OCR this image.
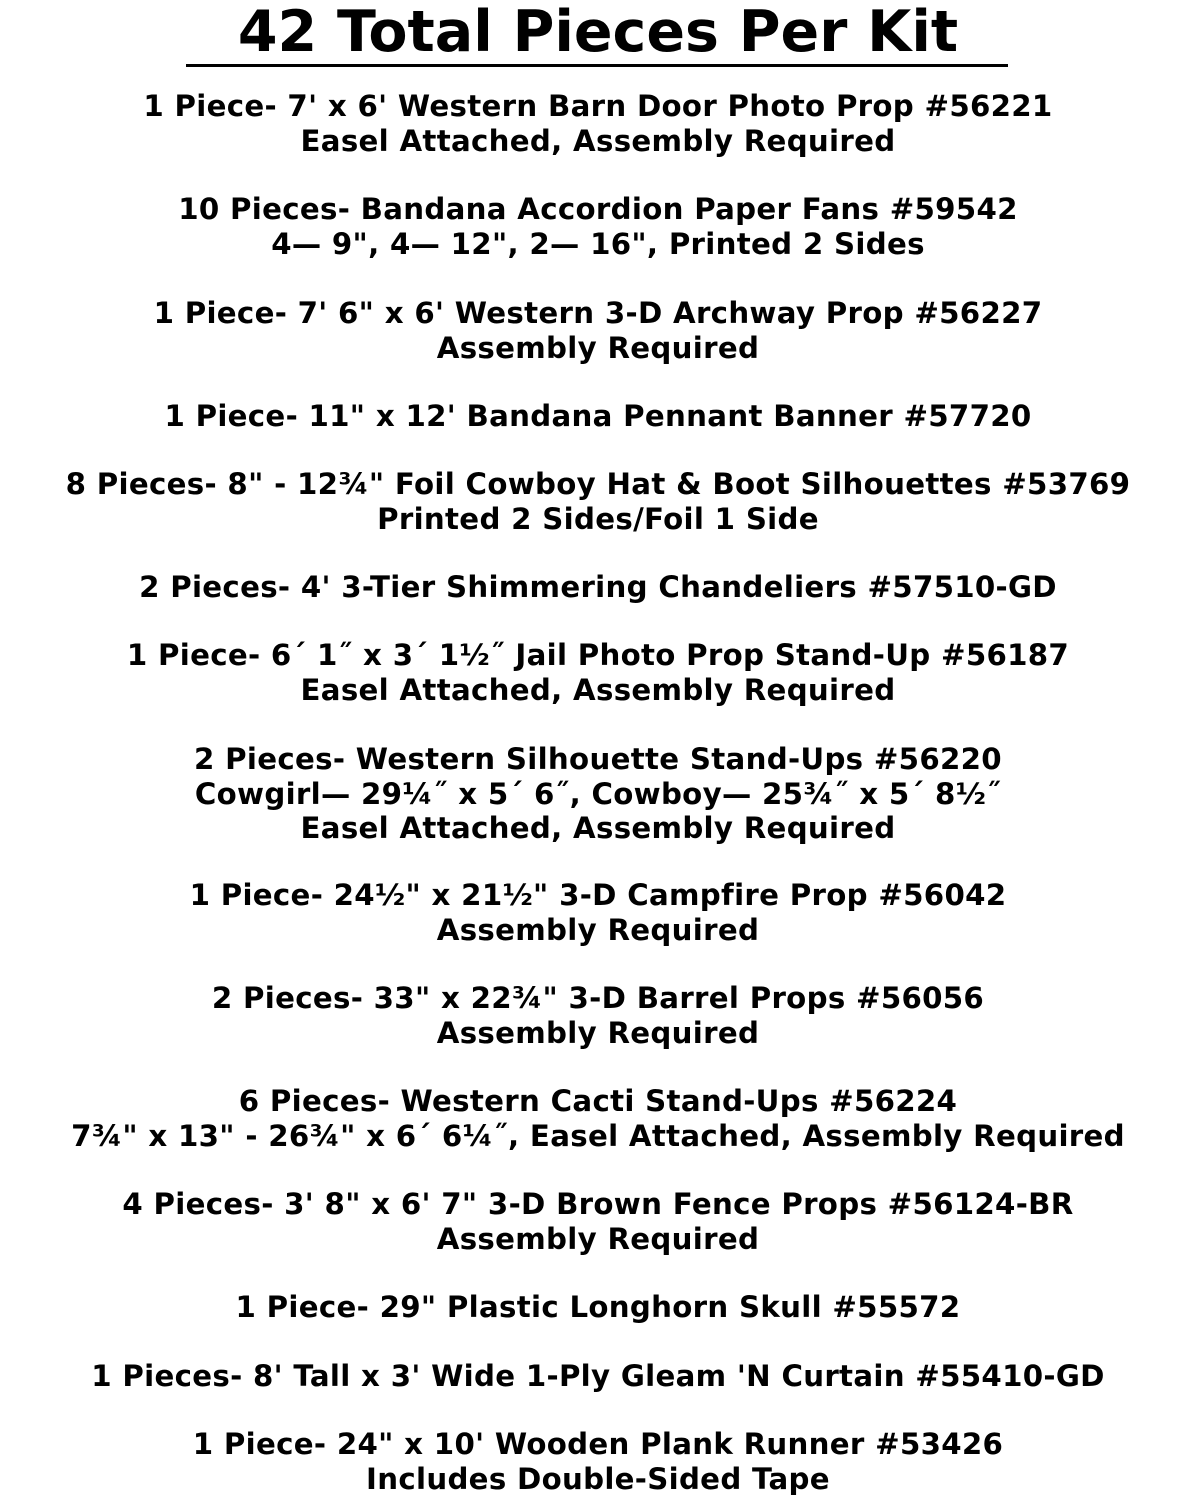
42 Total Pieces Per Kit
1 Piece- 7' x 6' Western Barn Door Photo Prop #56221
Easel Attached, Assembly Required
10 Pieces- Bandana Accordion Paper Fans #59542
4— 9", 4— 12", 2— 16", Printed 2 Sides
1 Piece- 7' 6" x 6' Western 3-D Archway Prop #56227
Assembly Required
1 Piece- 11" x 12' Bandana Pennant Banner #57720
8 Pieces- 8" - 12¾" Foil Cowboy Hat & Boot Silhouettes #53769
Printed 2 Sides/Foil 1 Side
2 Pieces- 4' 3-Tier Shimmering Chandeliers #57510-GD
1 Piece- 6´ 1˝ x 3´ 1½˝ Jail Photo Prop Stand-Up #56187
Easel Attached, Assembly Required
2 Pieces- Western Silhouette Stand-Ups #56220
Cowgirl— 29¼˝ x 5´ 6˝, Cowboy— 25¾˝ x 5´ 8½˝
Easel Attached, Assembly Required
1 Piece- 24½" x 21½" 3-D Campfire Prop #56042
Assembly Required
2 Pieces- 33" x 22¾" 3-D Barrel Props #56056
Assembly Required
6 Pieces- Western Cacti Stand-Ups #56224
7¾" x 13" - 26¾" x 6´ 6¼˝, Easel Attached, Assembly Required
4 Pieces- 3' 8" x 6' 7" 3-D Brown Fence Props #56124-BR
Assembly Required
1 Piece- 29" Plastic Longhorn Skull #55572
1 Pieces- 8' Tall x 3' Wide 1-Ply Gleam 'N Curtain #55410-GD
1 Piece- 24" x 10' Wooden Plank Runner #53426
Includes Double-Sided Tape
